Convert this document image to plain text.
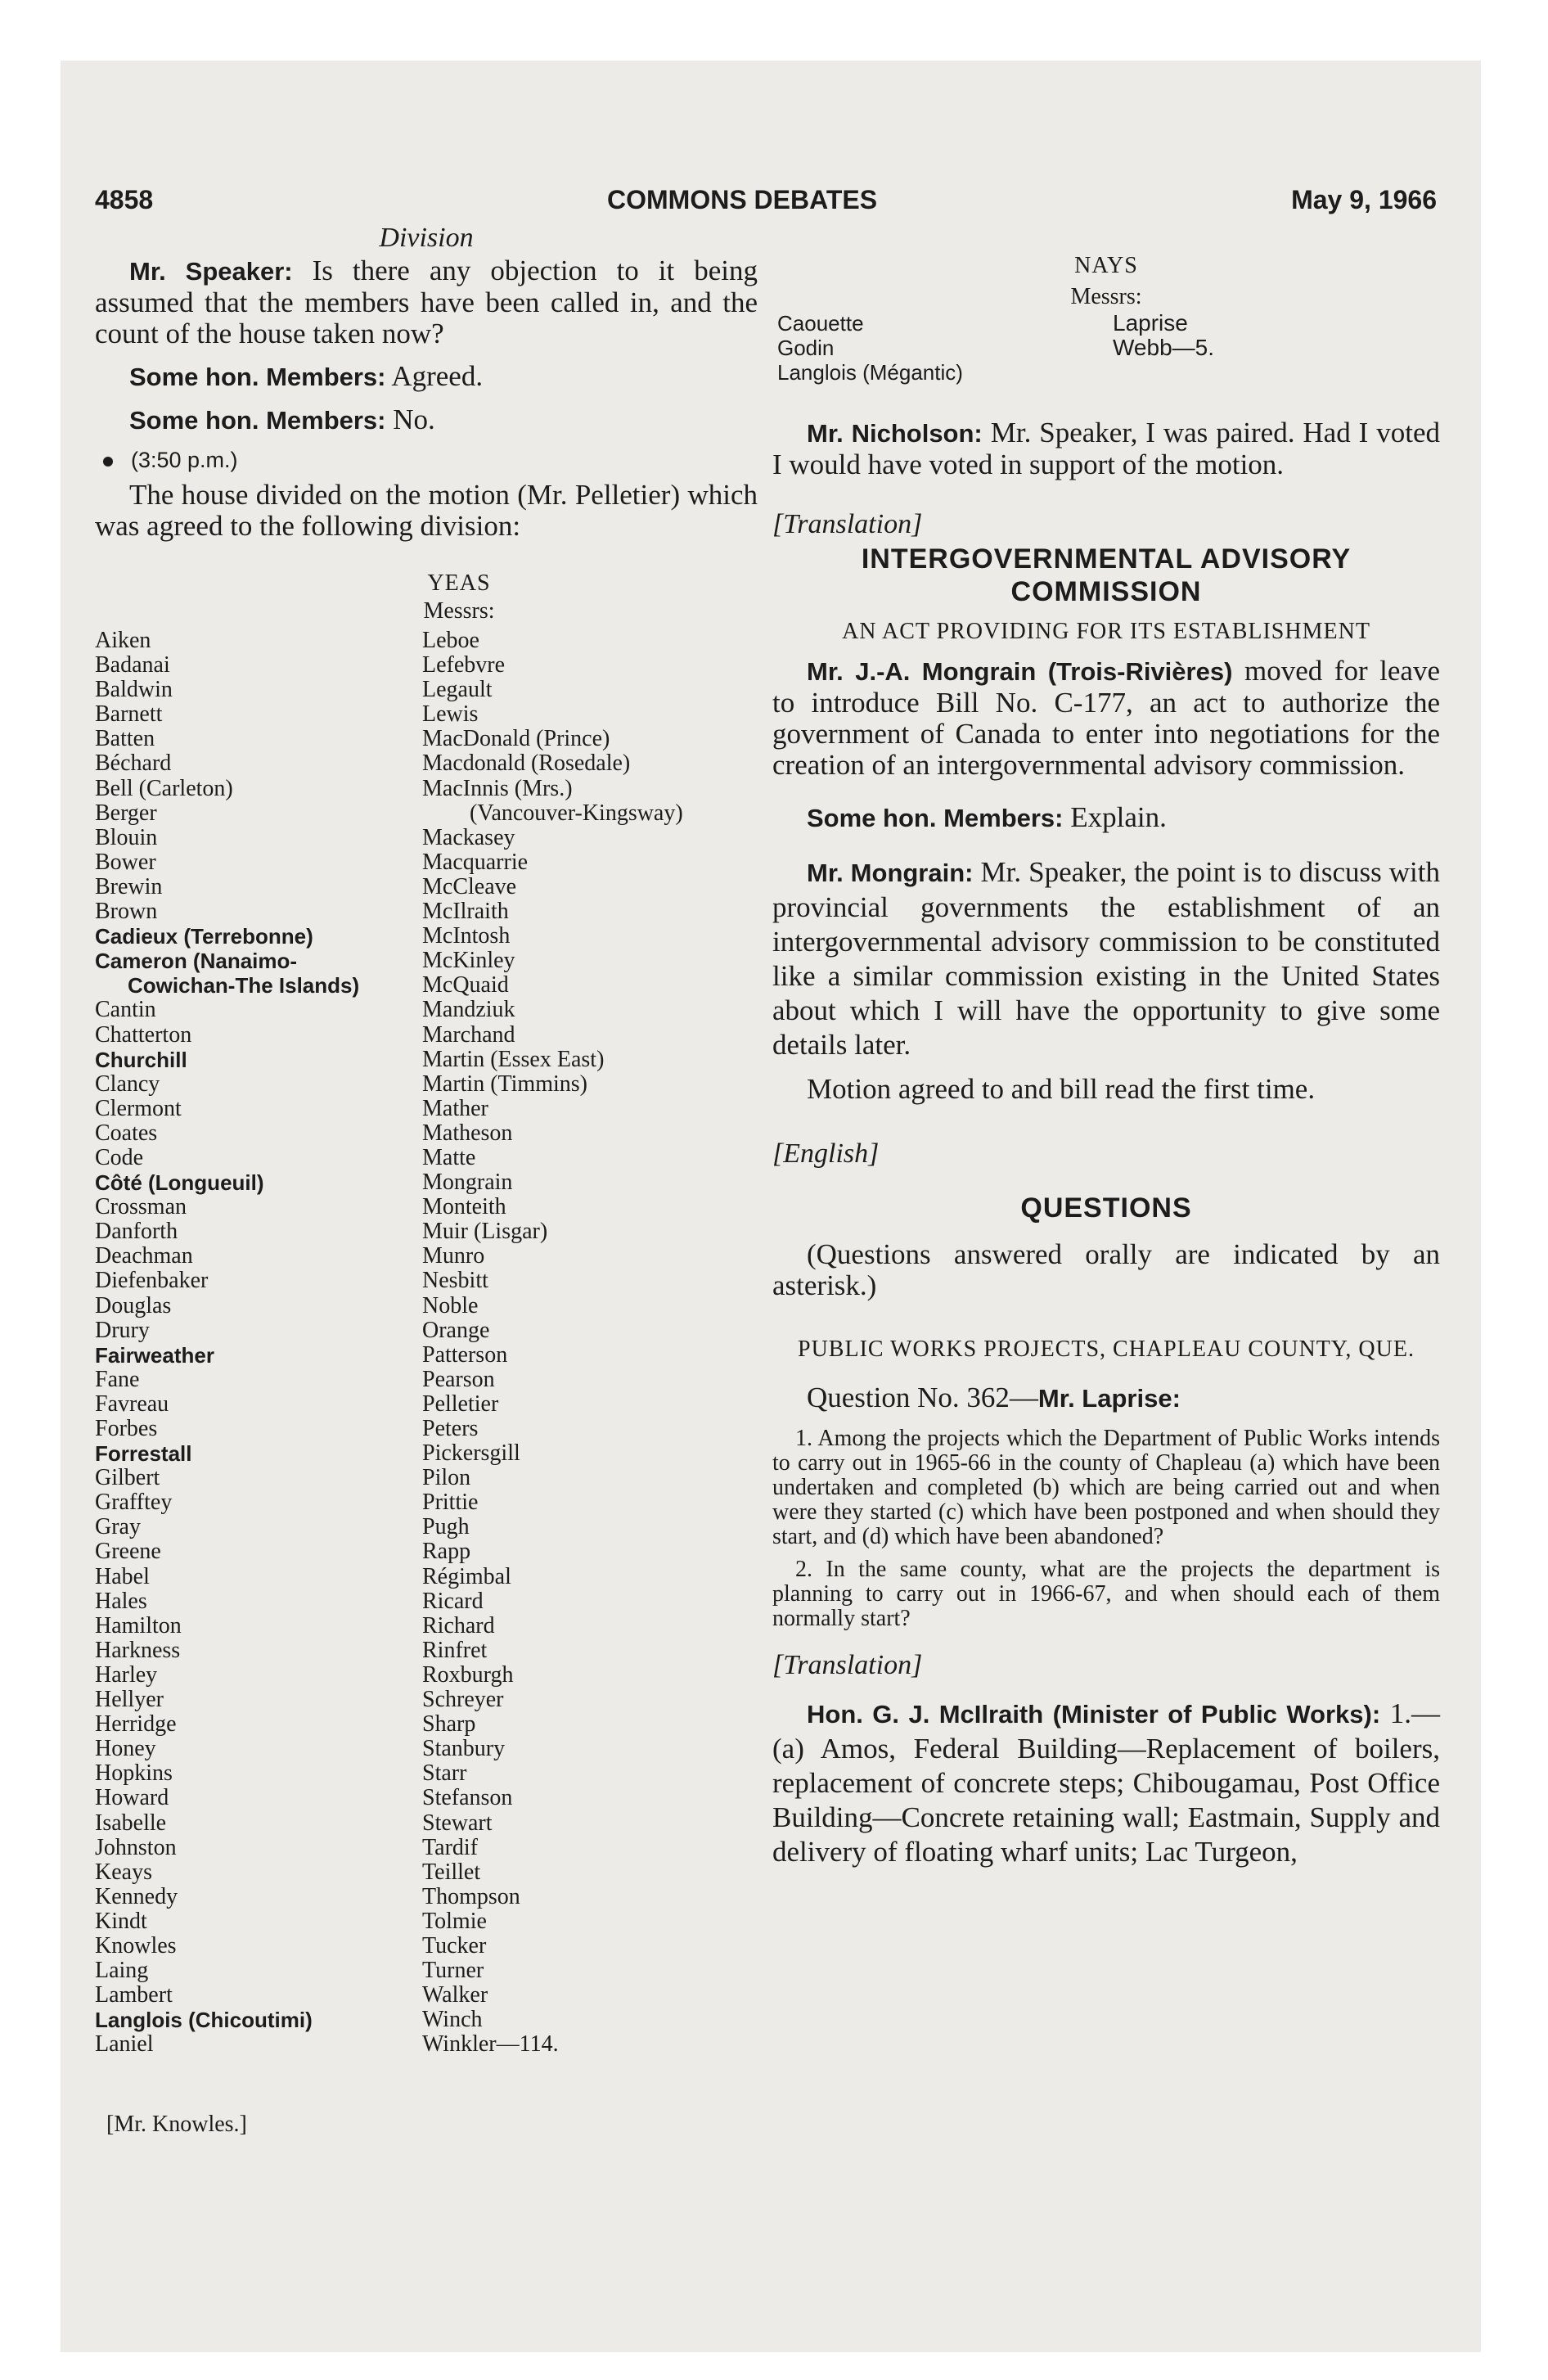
4858	COMMONS DEBATES	May 9, 1966

Division

Mr. Speaker: Is there any objection to it being assumed that the members have been called in, and the count of the house taken now?

Some hon. Members: Agreed.

Some hon. Members: No.

(3:50 p.m.)

The house divided on the motion (Mr. Pelletier) which was agreed to the following division:

YEAS

Messrs:

Aiken
Badanai
Baldwin
Barnett
Batten
Béchard
Bell (Carleton)
Berger
Blouin
Bower
Brewin
Brown
Cadieux (Terrebonne)
Cameron (Nanaimo-
Cowichan-The Islands)
Cantin
Chatterton
Churchill
Clancy
Clermont
Coates
Code
Côté (Longueuil)
Crossman
Danforth
Deachman
Diefenbaker
Douglas
Drury
Fairweather
Fane
Favreau
Forbes
Forrestall
Gilbert
Grafftey
Gray
Greene
Habel
Hales
Hamilton
Harkness
Harley
Hellyer
Herridge
Honey
Hopkins
Howard
Isabelle
Johnston
Keays
Kennedy
Kindt
Knowles
Laing
Lambert
Langlois (Chicoutimi)
Laniel
Leboe
Lefebvre
Legault
Lewis
MacDonald (Prince)
Macdonald (Rosedale)
MacInnis (Mrs.)
(Vancouver-Kingsway)
Mackasey
Macquarrie
McCleave
McIlraith
McIntosh
McKinley
McQuaid
Mandziuk
Marchand
Martin (Essex East)
Martin (Timmins)
Mather
Matheson
Matte
Mongrain
Monteith
Muir (Lisgar)
Munro
Nesbitt
Noble
Orange
Patterson
Pearson
Pelletier
Peters
Pickersgill
Pilon
Prittie
Pugh
Rapp
Régimbal
Ricard
Richard
Rinfret
Roxburgh
Schreyer
Sharp
Stanbury
Starr
Stefanson
Stewart
Tardif
Teillet
Thompson
Tolmie
Tucker
Turner
Walker
Winch
Winkler—114.

[Mr. Knowles.]

NAYS

Messrs:

Caouette
Godin
Langlois (Mégantic)
Laprise
Webb—5.

Mr. Nicholson: Mr. Speaker, I was paired. Had I voted I would have voted in support of the motion.

[Translation]

INTERGOVERNMENTAL ADVISORY COMMISSION

AN ACT PROVIDING FOR ITS ESTABLISHMENT

Mr. J.-A. Mongrain (Trois-Rivières) moved for leave to introduce Bill No. C-177, an act to authorize the government of Canada to enter into negotiations for the creation of an intergovernmental advisory commission.

Some hon. Members: Explain.

Mr. Mongrain: Mr. Speaker, the point is to discuss with provincial governments the establishment of an intergovernmental advisory commission to be constituted like a similar commission existing in the United States about which I will have the opportunity to give some details later.

Motion agreed to and bill read the first time.

[English]

QUESTIONS

(Questions answered orally are indicated by an asterisk.)

PUBLIC WORKS PROJECTS, CHAPLEAU COUNTY, QUE.

Question No. 362—Mr. Laprise:

1. Among the projects which the Department of Public Works intends to carry out in 1965-66 in the county of Chapleau (a) which have been undertaken and completed (b) which are being carried out and when were they started (c) which have been postponed and when should they start, and (d) which have been abandoned?

2. In the same county, what are the projects the department is planning to carry out in 1966-67, and when should each of them normally start?

[Translation]

Hon. G. J. McIlraith (Minister of Public Works): 1.—(a) Amos, Federal Building—Replacement of boilers, replacement of concrete steps; Chibougamau, Post Office Building—Concrete retaining wall; Eastmain, Supply and delivery of floating wharf units; Lac Turgeon,
